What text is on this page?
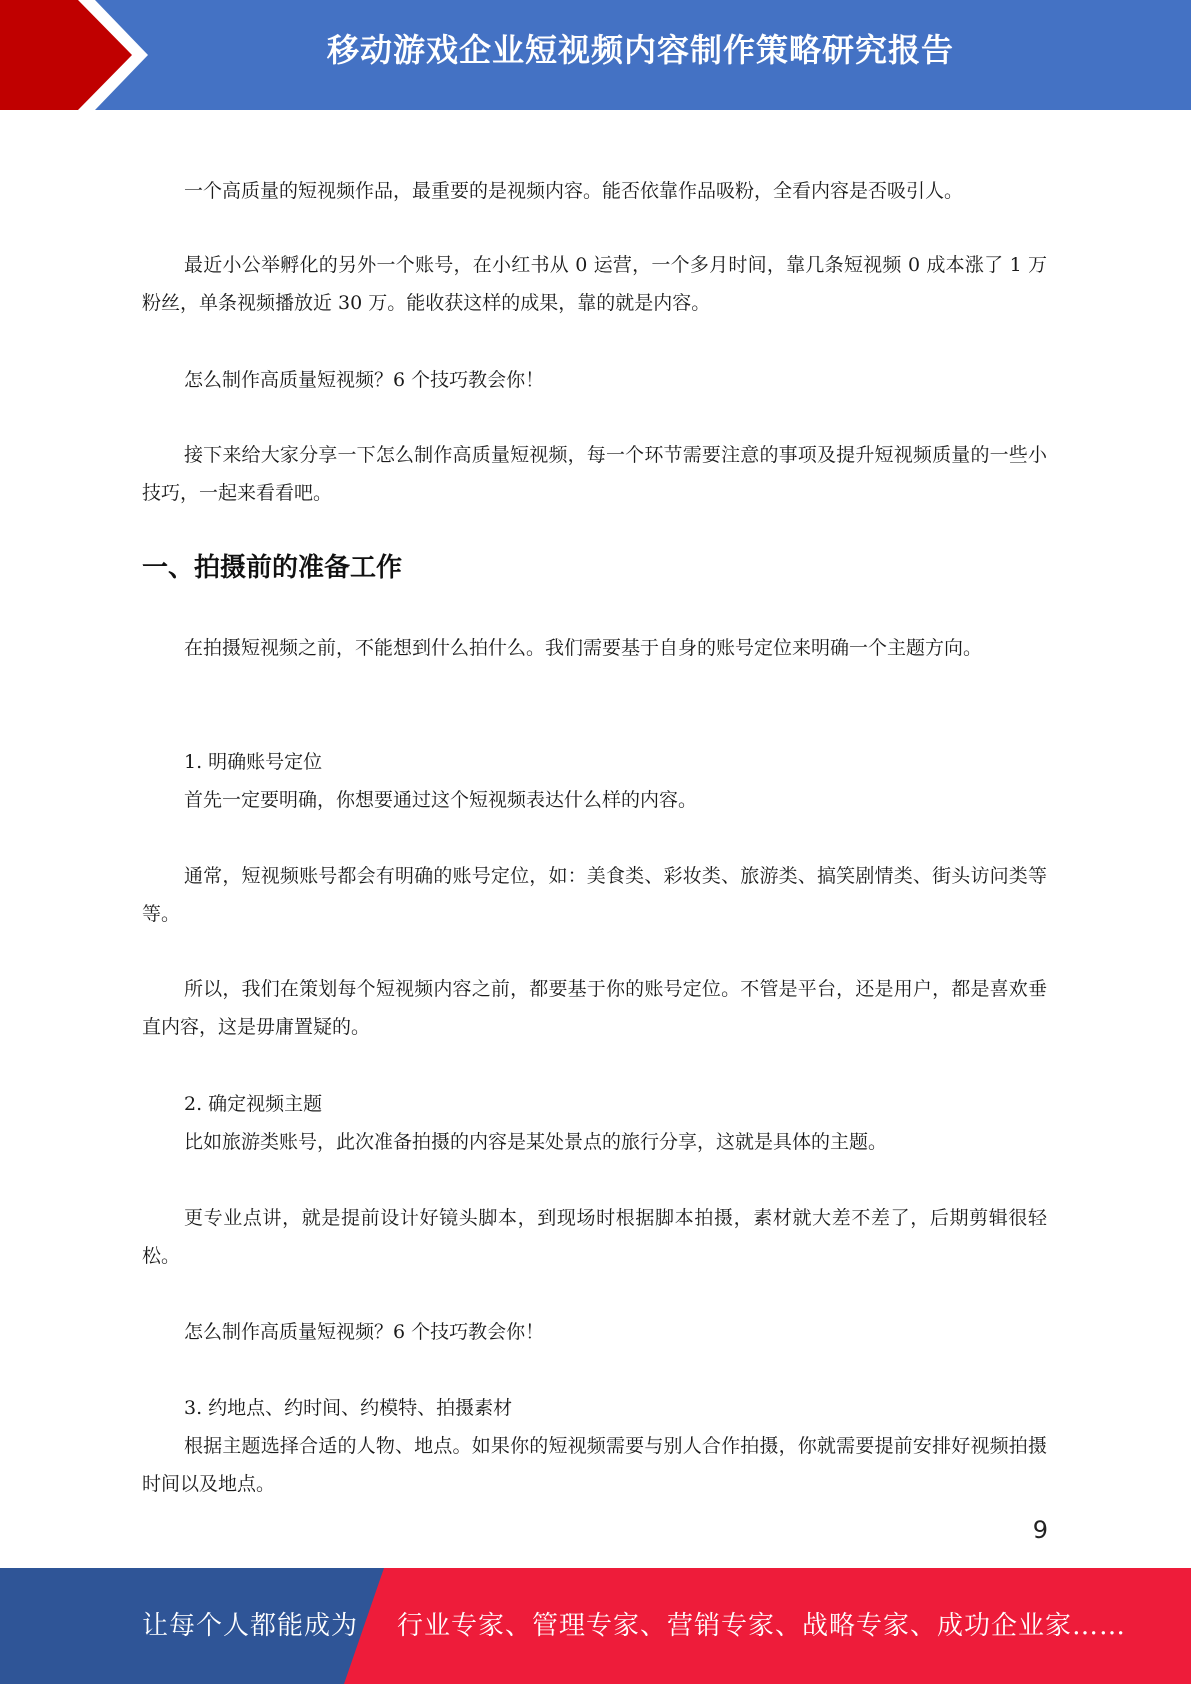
移动游戏企业短视频内容制作策略研究报告

一个高质量的短视频作品，最重要的是视频内容。能否依靠作品吸粉，全看内容是否吸引人。

最近小公举孵化的另外一个账号，在小红书从 0 运营，一个多月时间，靠几条短视频 0 成本涨了 1 万粉丝，单条视频播放近 30 万。能收获这样的成果，靠的就是内容。

怎么制作高质量短视频？6 个技巧教会你！

接下来给大家分享一下怎么制作高质量短视频，每一个环节需要注意的事项及提升短视频质量的一些小技巧，一起来看看吧。

一、拍摄前的准备工作

在拍摄短视频之前，不能想到什么拍什么。我们需要基于自身的账号定位来明确一个主题方向。

1. 明确账号定位

首先一定要明确，你想要通过这个短视频表达什么样的内容。

通常，短视频账号都会有明确的账号定位，如：美食类、彩妆类、旅游类、搞笑剧情类、街头访问类等等。

所以，我们在策划每个短视频内容之前，都要基于你的账号定位。不管是平台，还是用户，都是喜欢垂直内容，这是毋庸置疑的。

2. 确定视频主题

比如旅游类账号，此次准备拍摄的内容是某处景点的旅行分享，这就是具体的主题。

更专业点讲，就是提前设计好镜头脚本，到现场时根据脚本拍摄，素材就大差不差了，后期剪辑很轻松。

怎么制作高质量短视频？6 个技巧教会你！

3. 约地点、约时间、约模特、拍摄素材

根据主题选择合适的人物、地点。如果你的短视频需要与别人合作拍摄，你就需要提前安排好视频拍摄时间以及地点。

9
让每个人都能成为 行业专家、管理专家、营销专家、战略专家、成功企业家……
